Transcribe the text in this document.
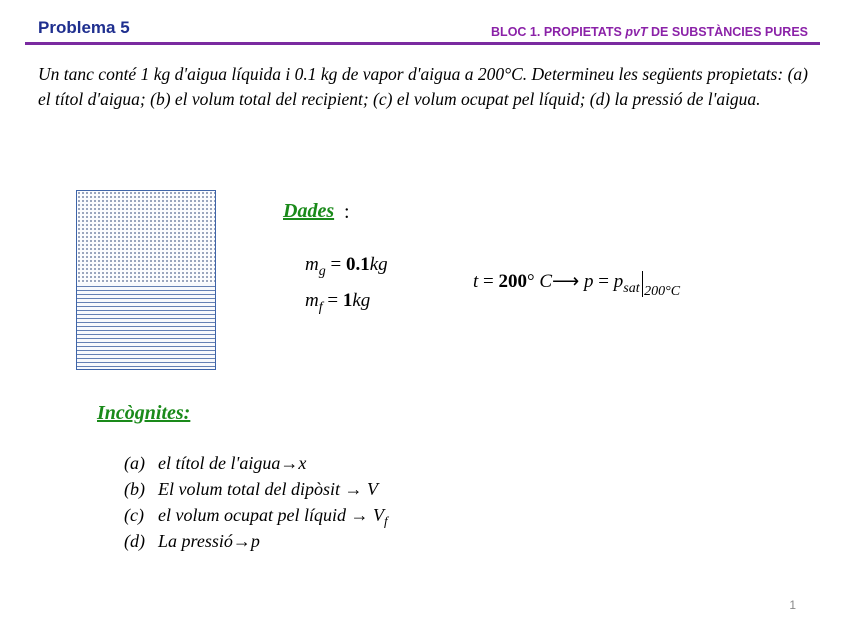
Problema 5	BLOC 1. PROPIETATS pvT DE SUBSTÀNCIES PURES
Un tanc conté 1 kg d'aigua líquida i 0.1 kg de vapor d'aigua a 200°C. Determineu les següents propietats: (a) el títol d'aigua; (b) el volum total del recipient; (c) el volum ocupat pel líquid; (d) la pressió de l'aigua.
Dades :
$m_g = 0.1kg$
$m_f = 1kg$
t = 200° C⟶ $p = p_{sat}$ $_{200^\circ C}$
Incògnites:
(a) el títol de l'aigua→x
(b) El volum total del dipòsit → V
(c) el volum ocupat pel líquid → $V_f$
(d) La pressió→p
1
